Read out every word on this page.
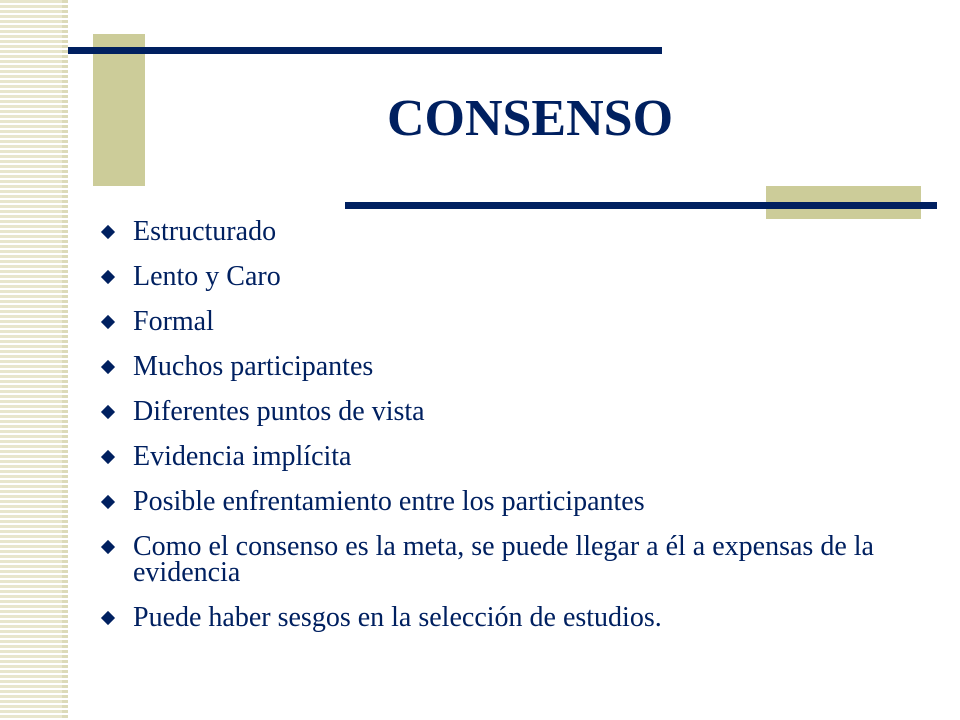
CONSENSO
Estructurado
Lento y Caro
Formal
Muchos participantes
Diferentes puntos de vista
Evidencia implícita
Posible enfrentamiento entre los participantes
Como el consenso es la meta, se puede llegar a él a expensas de la evidencia
Puede haber sesgos en la selección de estudios.
